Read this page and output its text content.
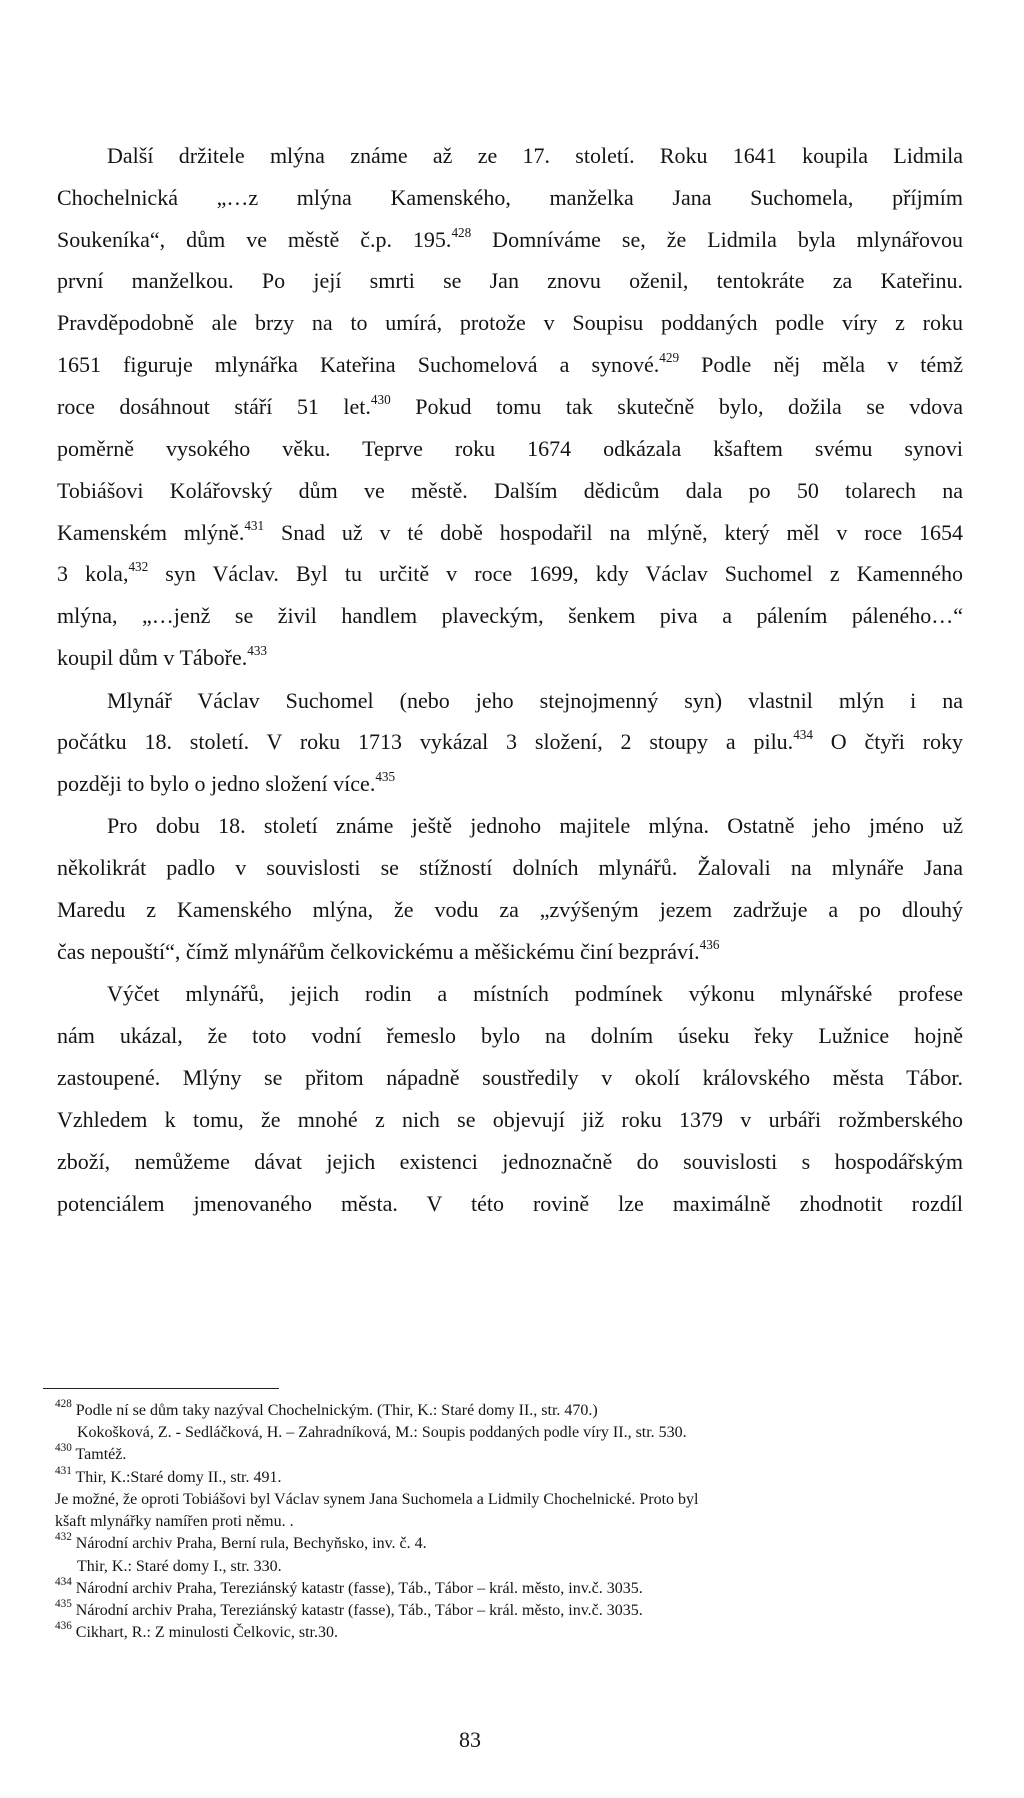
Další držitele mlýna známe až ze 17. století. Roku 1641 koupila Lidmila
Chochelnická „…z mlýna Kamenského, manželka Jana Suchomela, příjmím
Soukeníka“, dům ve městě č.p. 195.$^{428}$ Domníváme se, že Lidmila byla mlynářovou
první manželkou. Po její smrti se Jan znovu oženil, tentokráte za Kateřinu.
Pravděpodobně ale brzy na to umírá, protože v Soupisu poddaných podle víry z roku
1651 figuruje mlynářka Kateřina Suchomelová a synové.$^{429}$ Podle něj měla v témž
roce dosáhnout stáří 51 let.$^{430}$ Pokud tomu tak skutečně bylo, dožila se vdova
poměrně vysokého věku. Teprve roku 1674 odkázala kšaftem svému synovi
Tobiášovi Kolářovský dům ve městě. Dalším dědicům dala po 50 tolarech na
Kamenském mlýně.$^{431}$ Snad už v té době hospodařil na mlýně, který měl v roce 1654
3 kola,$^{432}$ syn Václav. Byl tu určitě v roce 1699, kdy Václav Suchomel z Kamenného
mlýna, „…jenž se živil handlem plaveckým, šenkem piva a pálením páleného…“
koupil dům v Táboře.$^{433}$
Mlynář Václav Suchomel (nebo jeho stejnojmenný syn) vlastnil mlýn i na
počátku 18. století. V roku 1713 vykázal 3 složení, 2 stoupy a pilu.$^{434}$ O čtyři roky
později to bylo o jedno složení více.$^{435}$
Pro dobu 18. století známe ještě jednoho majitele mlýna. Ostatně jeho jméno už
několikrát padlo v souvislosti se stížností dolních mlynářů. Žalovali na mlynáře Jana
Maredu z Kamenského mlýna, že vodu za „zvýšeným jezem zadržuje a po dlouhý
čas nepouští“, čímž mlynářům čelkovickému a měšickému činí bezpráví.$^{436}$
Výčet mlynářů, jejich rodin a místních podmínek výkonu mlynářské profese
nám ukázal, že toto vodní řemeslo bylo na dolním úseku řeky Lužnice hojně
zastoupené. Mlýny se přitom nápadně soustředily v okolí královského města Tábor.
Vzhledem k tomu, že mnohé z nich se objevují již roku 1379 v urbáři rožmberského
zboží, nemůžeme dávat jejich existenci jednoznačně do souvislosti s hospodářským
potenciálem jmenovaného města. V této rovině lze maximálně zhodnotit rozdíl
$^{428}$ Podle ní se dům taky nazýval Chochelnickým. (Thir, K.: Staré domy II., str. 470.)
Kokošková, Z. - Sedláčková, H. – Zahradníková, M.: Soupis poddaných podle víry II., str. 530.
$^{430}$ Tamtéž.
$^{431}$ Thir, K.:Staré domy II., str. 491.
Je možné, že oproti Tobiášovi byl Václav synem Jana Suchomela a Lidmily Chochelnické. Proto byl
kšaft mlynářky namířen proti němu. .
$^{432}$ Národní archiv Praha, Berní rula, Bechyňsko, inv. č. 4.
Thir, K.: Staré domy I., str. 330.
$^{434}$ Národní archiv Praha, Tereziánský katastr (fasse), Táb., Tábor – král. město, inv.č. 3035.
$^{435}$ Národní archiv Praha, Tereziánský katastr (fasse), Táb., Tábor – král. město, inv.č. 3035.
$^{436}$ Cikhart, R.: Z minulosti Čelkovic, str.30.
83
